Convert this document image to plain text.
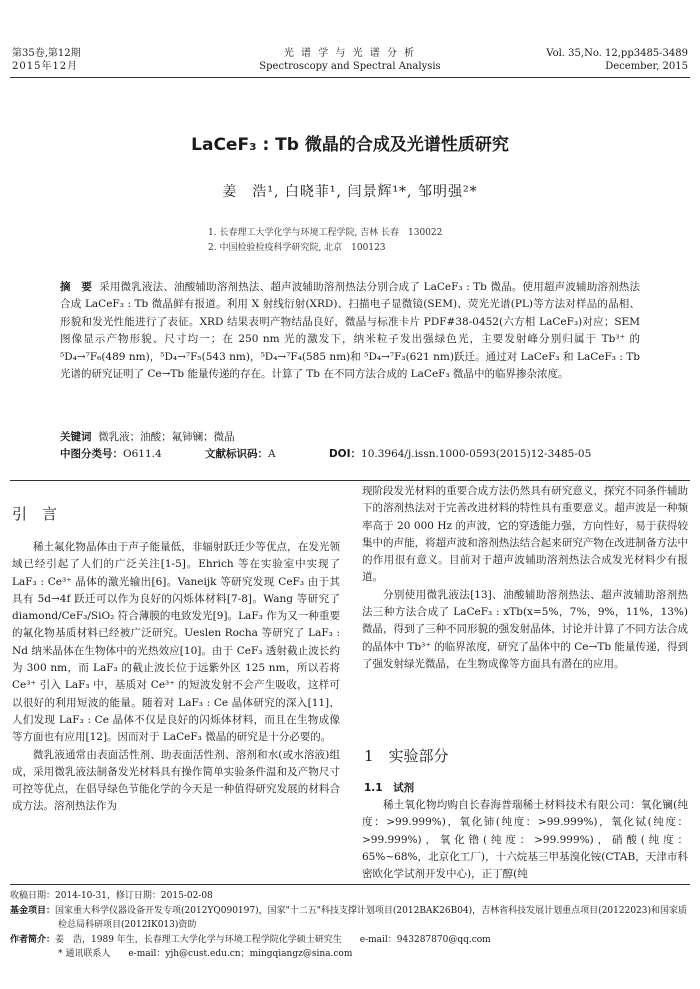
第35卷,第12期
2015年12月
光 谱 学 与 光 谱 分 析
Spectroscopy and Spectral Analysis
Vol. 35,No. 12,pp3485-3489
December, 2015
LaCeF₃ : Tb 微晶的合成及光谱性质研究
姜　浩¹, 白晓菲¹, 闫景辉¹*, 邹明强²*
1. 长春理工大学化学与环境工程学院, 吉林 长春　130022
2. 中国检验检疫科学研究院, 北京　100123
摘　要 采用微乳液法、油酸辅助溶剂热法、超声波辅助溶剂热法分别合成了 LaCeF₃ : Tb 微晶。使用超声波辅助溶剂热法合成 LaCeF₃ : Tb 微晶鲜有报道。利用 X 射线衍射(XRD)、扫描电子显微镜(SEM)、荧光光谱(PL)等方法对样品的晶相、形貌和发光性能进行了表征。XRD 结果表明产物结晶良好，微晶与标准卡片 PDF#38-0452(六方相 LaCeF₃)对应；SEM 图像显示产物形貌、尺寸均一；在 250 nm 光的激发下，纳米粒子发出强绿色光，主要发射峰分别归属于 Tb³⁺ 的 ⁵D₄→⁷F₆(489 nm)，⁵D₄→⁷F₅(543 nm)，⁵D₄→⁷F₄(585 nm)和 ⁵D₄→⁷F₃(621 nm)跃迁。通过对 LaCeF₃ 和 LaCeF₃ : Tb 光谱的研究证明了 Ce→Tb 能量传递的存在。计算了 Tb 在不同方法合成的 LaCeF₃ 微晶中的临界掺杂浓度。
关键词 微乳液；油酸；氟铈镧；微晶
中图分类号：O611.4	文献标识码：A	DOI：10.3964/j.issn.1000-0593(2015)12-3485-05
引　言

稀土氟化物晶体由于声子能量低，非辐射跃迁少等优点，在发光领域已经引起了人们的广泛关注[1-5]。Ehrich 等在实验室中实现了 LaF₃ : Ce³⁺ 晶体的激光输出[6]。Vaneijk 等研究发现 CeF₃ 由于其具有 5d→4f 跃迁可以作为良好的闪烁体材料[7-8]。Wang 等研究了 diamond/CeF₃/SiO₂ 符合薄膜的电致发光[9]。LaF₃ 作为又一种重要的氟化物基质材料已经被广泛研究。Ueslen Rocha 等研究了 LaF₃ : Nd 纳米晶体在生物体中的光热效应[10]。由于 CeF₃ 透射截止波长约为 300 nm，而 LaF₃ 的截止波长位于远紫外区 125 nm，所以若将 Ce³⁺ 引入 LaF₃ 中，基质对 Ce³⁺ 的短波发射不会产生吸收，这样可以很好的利用短波的能量。随着对 LaF₃ : Ce 晶体研究的深入[11]，人们发现 LaF₃ : Ce 晶体不仅是良好的闪烁体材料，而且在生物成像等方面也有应用[12]。因而对于 LaCeF₃ 微晶的研究是十分必要的。

微乳液通常由表面活性剂、助表面活性剂、溶剂和水(或水溶液)组成，采用微乳液法制备发光材料具有操作简单实验条件温和及产物尺寸可控等优点，在倡导绿色节能化学的今天是一种值得研究发展的材料合成方法。溶剂热法作为

现阶段发光材料的重要合成方法仍然具有研究意义，探究不同条件辅助下的溶剂热法对于完善改进材料的特性具有重要意义。超声波是一种频率高于 20 000 Hz 的声波，它的穿透能力强，方向性好，易于获得较集中的声能，将超声波和溶剂热法结合起来研究产物在改进制备方法中的作用很有意义。目前对于超声波辅助溶剂热法合成发光材料少有报道。

分别使用微乳液法[13]、油酸辅助溶剂热法、超声波辅助溶剂热法三种方法合成了 LaCeF₃ : xTb(x=5%，7%，9%，11%，13%)微晶，得到了三种不同形貌的强发射晶体，讨论并计算了不同方法合成的晶体中 Tb³⁺ 的临界浓度，研究了晶体中的 Ce→Tb 能量传递，得到了强发射绿光微晶，在生物成像等方面具有潜在的应用。

1　实验部分
1.1　试剂

稀土氧化物均购自长春海普瑞稀土材料技术有限公司：氧化镧(纯度：>99.999%)，氧化铈(纯度：>99.999%)，氧化铽(纯度：>99.999%)，氧化镥(纯度：>99.999%)，硝酸(纯度：65%~68%，北京化工厂)，十六烷基三甲基溴化铵(CTAB，天津市科密欧化学试剂开发中心)，正丁醇(纯

收稿日期：2014-10-31，修订日期：2015-02-08

基金项目：国家重大科学仪器设备开发专项(2012YQ090197)，国家"十二五"科技支撑计划项目(2012BAK26B04)，吉林省科技发展计划重点项目(20122023)和国家质检总局科研项目(2012IK013)资助

作者简介：姜　浩，1989 年生，长春理工大学化学与环境工程学院化学硕士研究生　　e-mail：943287870@qq.com

* 通讯联系人　　e-mail：yjh@cust.edu.cn；mingqiangz@sina.com
